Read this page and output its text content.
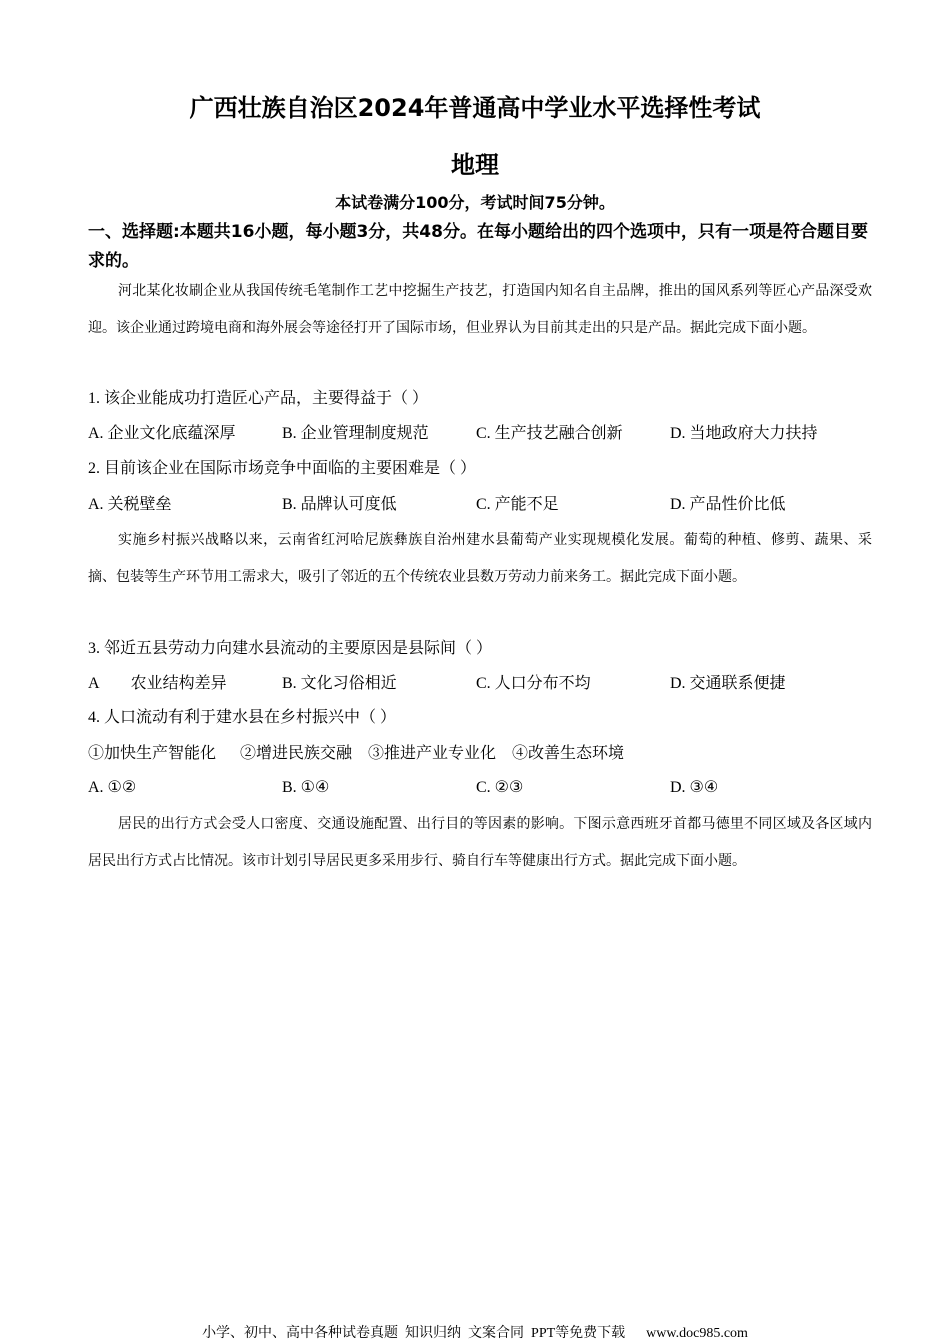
广西壮族自治区2024年普通高中学业水平选择性考试
地理
本试卷满分100分，考试时间75分钟。
一、选择题:本题共16小题，每小题3分，共48分。在每小题给出的四个选项中，只有一项是符合题目要求的。
河北某化妆刷企业从我国传统毛笔制作工艺中挖掘生产技艺，打造国内知名自主品牌，推出的国风系列等匠心产品深受欢迎。该企业通过跨境电商和海外展会等途径打开了国际市场，但业界认为目前其走出的只是产品。据此完成下面小题。
1. 该企业能成功打造匠心产品，主要得益于（ ）
A. 企业文化底蕴深厚	B. 企业管理制度规范	C. 生产技艺融合创新	D. 当地政府大力扶持
2. 目前该企业在国际市场竞争中面临的主要困难是（ ）
A. 关税壁垒	B. 品牌认可度低	C. 产能不足	D. 产品性价比低
实施乡村振兴战略以来，云南省红河哈尼族彝族自治州建水县葡萄产业实现规模化发展。葡萄的种植、修剪、蔬果、采摘、包装等生产环节用工需求大，吸引了邻近的五个传统农业县数万劳动力前来务工。据此完成下面小题。
3. 邻近五县劳动力向建水县流动的主要原因是县际间（ ）
A        农业结构差异	B. 文化习俗相近	C. 人口分布不均	D. 交通联系便捷
4. 人口流动有利于建水县在乡村振兴中（ ）
①加快生产智能化      ②增进民族交融    ③推进产业专业化    ④改善生态环境
A. ①②	B. ①④	C. ②③	D. ③④
居民的出行方式会受人口密度、交通设施配置、出行目的等因素的影响。下图示意西班牙首都马德里不同区域及各区域内居民出行方式占比情况。该市计划引导居民更多采用步行、骑自行车等健康出行方式。据此完成下面小题。
小学、初中、高中各种试卷真题  知识归纳  文案合同  PPT等免费下载      www.doc985.com
